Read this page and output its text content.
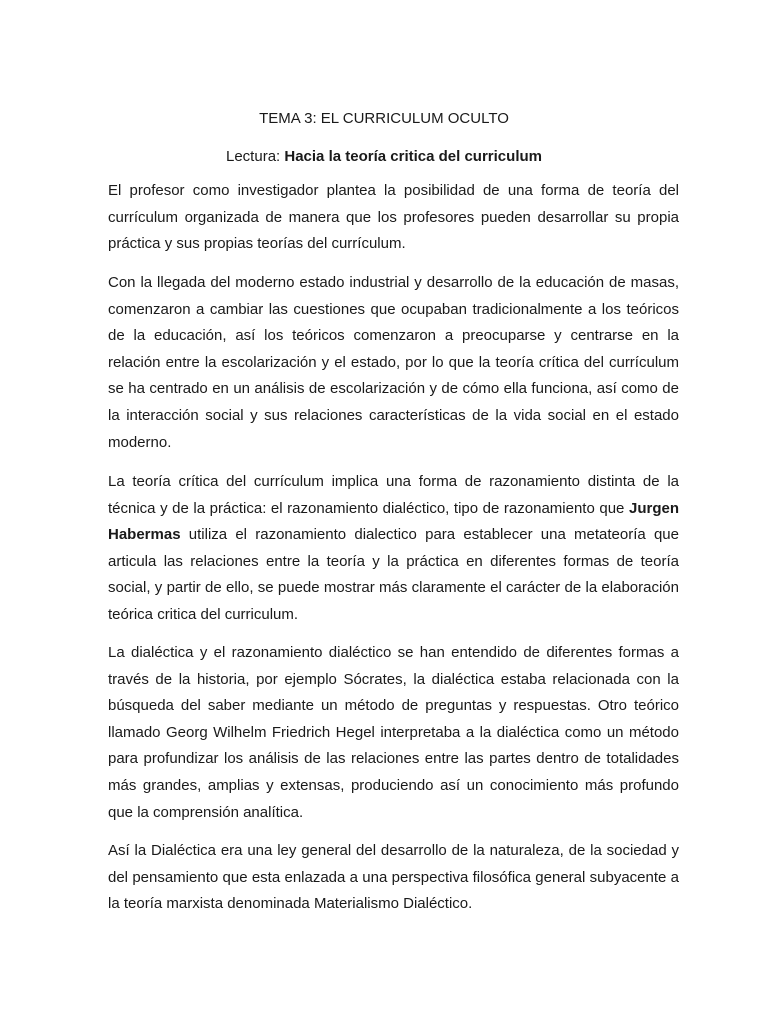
TEMA 3: EL CURRICULUM OCULTO
Lectura: Hacia la teoría critica del curriculum

El profesor como investigador plantea la posibilidad de una forma de teoría del currículum organizada de manera que los profesores pueden desarrollar su propia práctica y sus propias teorías del currículum.

Con la llegada del moderno estado industrial y desarrollo de la educación de masas, comenzaron a cambiar las cuestiones que ocupaban tradicionalmente a los teóricos de la educación, así los teóricos comenzaron a preocuparse y centrarse en la relación entre la escolarización y el estado, por lo que la teoría crítica del currículum se ha centrado en un análisis de escolarización y de cómo ella funciona, así como de la interacción social y sus relaciones características de la vida social en el estado moderno.

La teoría crítica del currículum implica una forma de razonamiento distinta de la técnica y de la práctica: el razonamiento dialéctico, tipo de razonamiento que Jurgen Habermas utiliza el razonamiento dialectico para establecer una metateoría que articula las relaciones entre la teoría y la práctica en diferentes formas de teoría social, y partir de ello, se puede mostrar más claramente el carácter de la elaboración teórica critica del curriculum.

La dialéctica y el razonamiento dialéctico se han entendido de diferentes formas a través de la historia, por ejemplo Sócrates, la dialéctica estaba relacionada con la búsqueda del saber mediante un método de preguntas y respuestas. Otro teórico llamado Georg Wilhelm Friedrich Hegel interpretaba a la dialéctica como un método para profundizar los análisis de las relaciones entre las partes dentro de totalidades más grandes, amplias y extensas, produciendo así un conocimiento más profundo que la comprensión analítica.

Así la Dialéctica era una ley general del desarrollo de la naturaleza, de la sociedad y del pensamiento que esta enlazada a una perspectiva filosófica general subyacente a la teoría marxista denominada Materialismo Dialéctico.
